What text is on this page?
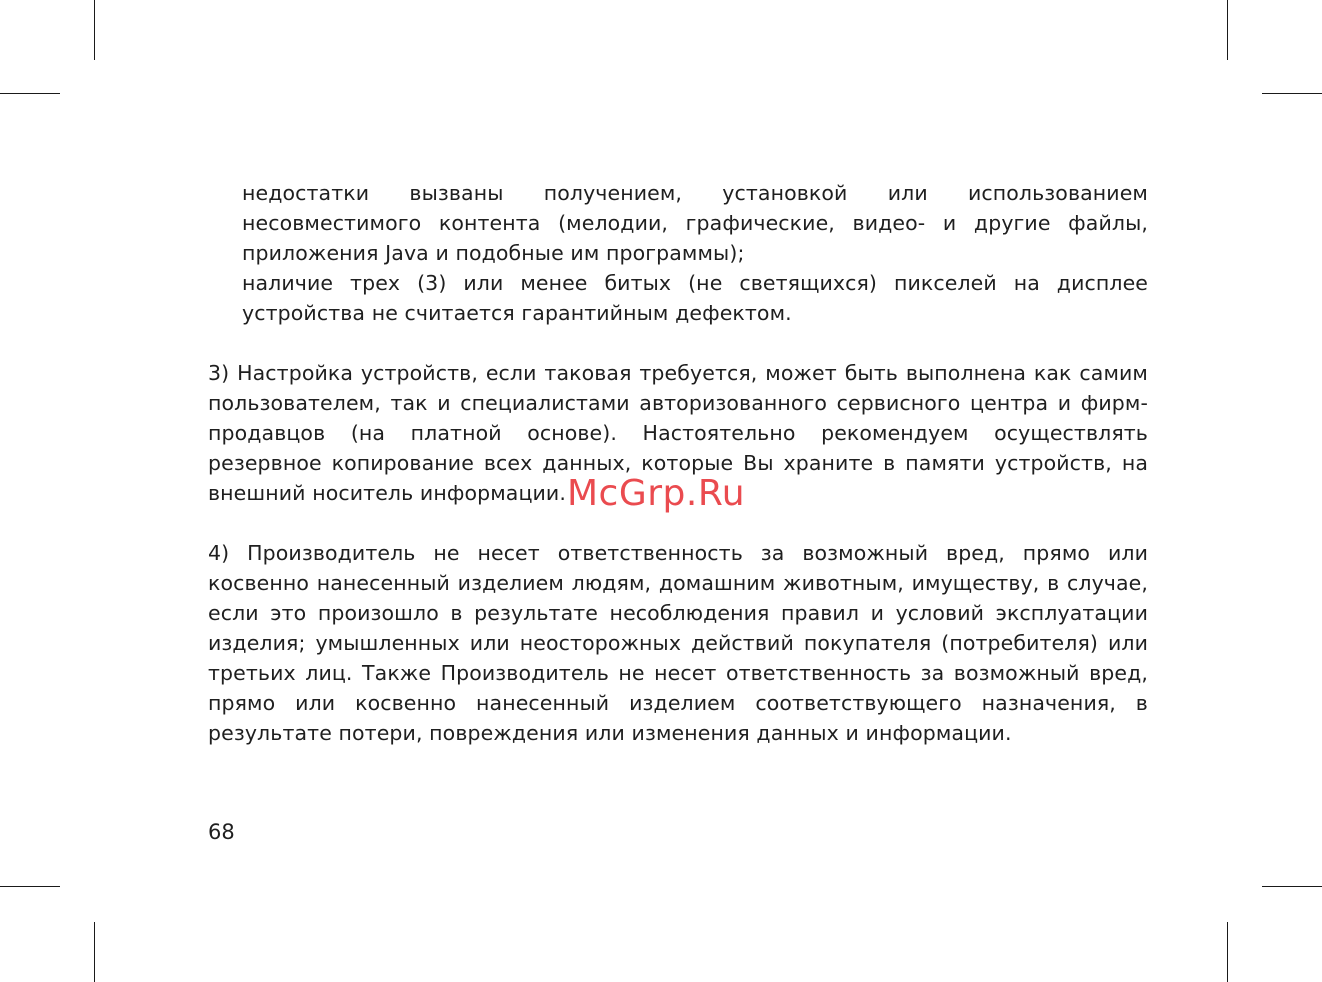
недостатки вызваны получением, установкой или использованием несовместимого контента (мелодии, графические, видео- и другие файлы, приложения Java и подобные им программы);

наличие трех (3) или менее битых (не светящихся) пикселей на дисплее устройства не считается гарантийным дефектом.

3) Настройка устройств, если таковая требуется, может быть выполнена как самим пользователем, так и специалистами авторизованного сервисного центра и фирм-продавцов (на платной основе). Настоятельно рекомендуем осуществлять резервное копирование всех данных, которые Вы храните в памяти устройств, на внешний носитель информации.

4) Производитель не несет ответственность за возможный вред, прямо или косвенно нанесенный изделием людям, домашним животным, имуществу, в случае, если это произошло в результате несоблюдения правил и условий эксплуатации изделия; умышленных или неосторожных действий покупателя (потребителя) или третьих лиц. Также Производитель не несет ответственность за возможный вред, прямо или косвенно нанесенный изделием соответствующего назначения, в результате потери, повреждения или изменения данных и информации.

68
McGrp.Ru
